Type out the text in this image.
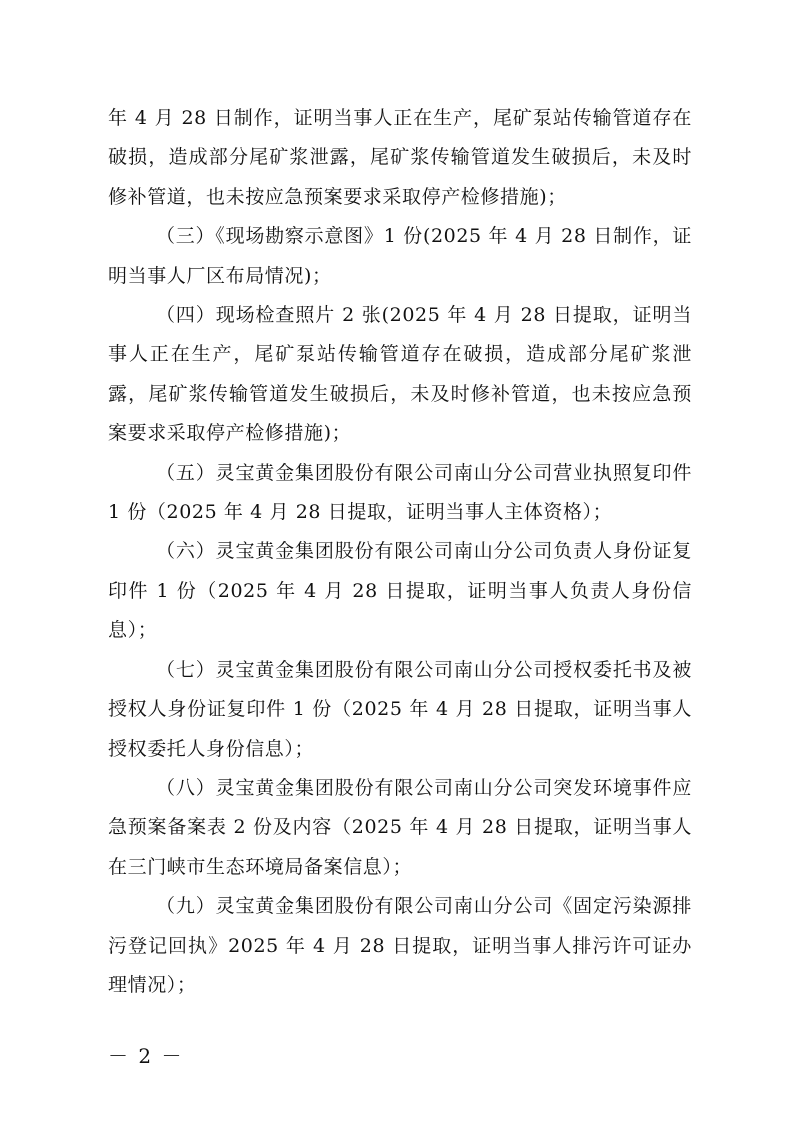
年 4 月 28 日制作，证明当事人正在生产，尾矿泵站传输管道存在破损，造成部分尾矿浆泄露，尾矿浆传输管道发生破损后，未及时修补管道，也未按应急预案要求采取停产检修措施)；

（三）《现场勘察示意图》1 份(2025 年 4 月 28 日制作，证明当事人厂区布局情况)；

（四）现场检查照片 2 张(2025 年 4 月 28 日提取，证明当事人正在生产，尾矿泵站传输管道存在破损，造成部分尾矿浆泄露，尾矿浆传输管道发生破损后，未及时修补管道，也未按应急预案要求采取停产检修措施)；

（五）灵宝黄金集团股份有限公司南山分公司营业执照复印件 1 份（2025 年 4 月 28 日提取，证明当事人主体资格）；

（六）灵宝黄金集团股份有限公司南山分公司负责人身份证复印件 1 份（2025 年 4 月 28 日提取，证明当事人负责人身份信息）；

（七）灵宝黄金集团股份有限公司南山分公司授权委托书及被授权人身份证复印件 1 份（2025 年 4 月 28 日提取，证明当事人授权委托人身份信息）；

（八）灵宝黄金集团股份有限公司南山分公司突发环境事件应急预案备案表 2 份及内容（2025 年 4 月 28 日提取，证明当事人在三门峡市生态环境局备案信息）；

（九）灵宝黄金集团股份有限公司南山分公司《固定污染源排污登记回执》2025 年 4 月 28 日提取，证明当事人排污许可证办理情况）；

－ 2 －
